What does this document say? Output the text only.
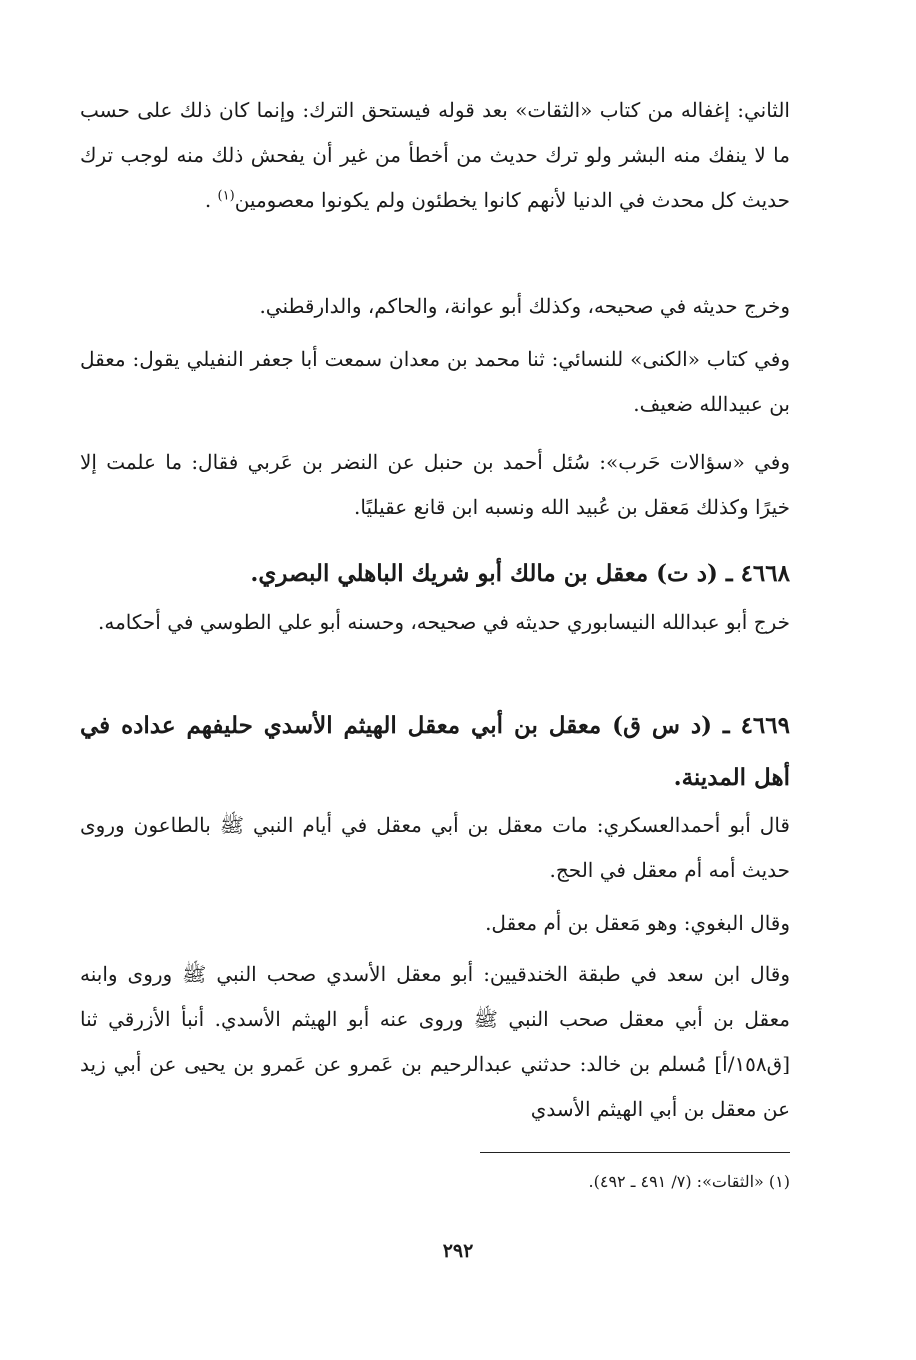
الثاني: إغفاله من كتاب «الثقات» بعد قوله فيستحق الترك: وإنما كان ذلك على حسب ما لا ينفك منه البشر ولو ترك حديث من أخطأ من غير أن يفحش ذلك منه لوجب ترك حديث كل محدث في الدنيا لأنهم كانوا يخطئون ولم يكونوا معصومين$^{(١)}$ .
وخرج حديثه في صحيحه، وكذلك أبو عوانة، والحاكم، والدارقطني.
وفي كتاب «الكنى» للنسائي: ثنا محمد بن معدان سمعت أبا جعفر النفيلي يقول: معقل بن عبيدالله ضعيف.
وفي «سؤالات حَرب»: سُئل أحمد بن حنبل عن النضر بن عَربي فقال: ما علمت إلا خيرًا وكذلك مَعقل بن عُبيد الله ونسبه ابن قانع عقيليًا.
٤٦٦٨ ـ (د ت) معقل بن مالك أبو شريك الباهلي البصري.
خرج أبو عبدالله النيسابوري حديثه في صحيحه، وحسنه أبو علي الطوسي في أحكامه.
٤٦٦٩ ـ (د س ق) معقل بن أبي معقل الهيثم الأسدي حليفهم عداده في أهل المدينة.
قال أبو أحمدالعسكري: مات معقل بن أبي معقل في أيام النبي ﷺ بالطاعون وروى حديث أمه أم معقل في الحج.
وقال البغوي: وهو مَعقل بن أم معقل.
وقال ابن سعد في طبقة الخندقيين: أبو معقل الأسدي صحب النبي ﷺ وروى وابنه معقل بن أبي معقل صحب النبي ﷺ وروى عنه أبو الهيثم الأسدي. أنبأ الأزرقي ثنا [ق١٥٨/أ] مُسلم بن خالد: حدثني عبدالرحيم بن عَمرو عن عَمرو بن يحيى عن أبي زيد عن معقل بن أبي الهيثم الأسدي
(١) «الثقات»: (٧/ ٤٩١ ـ ٤٩٢).
٢٩٢
